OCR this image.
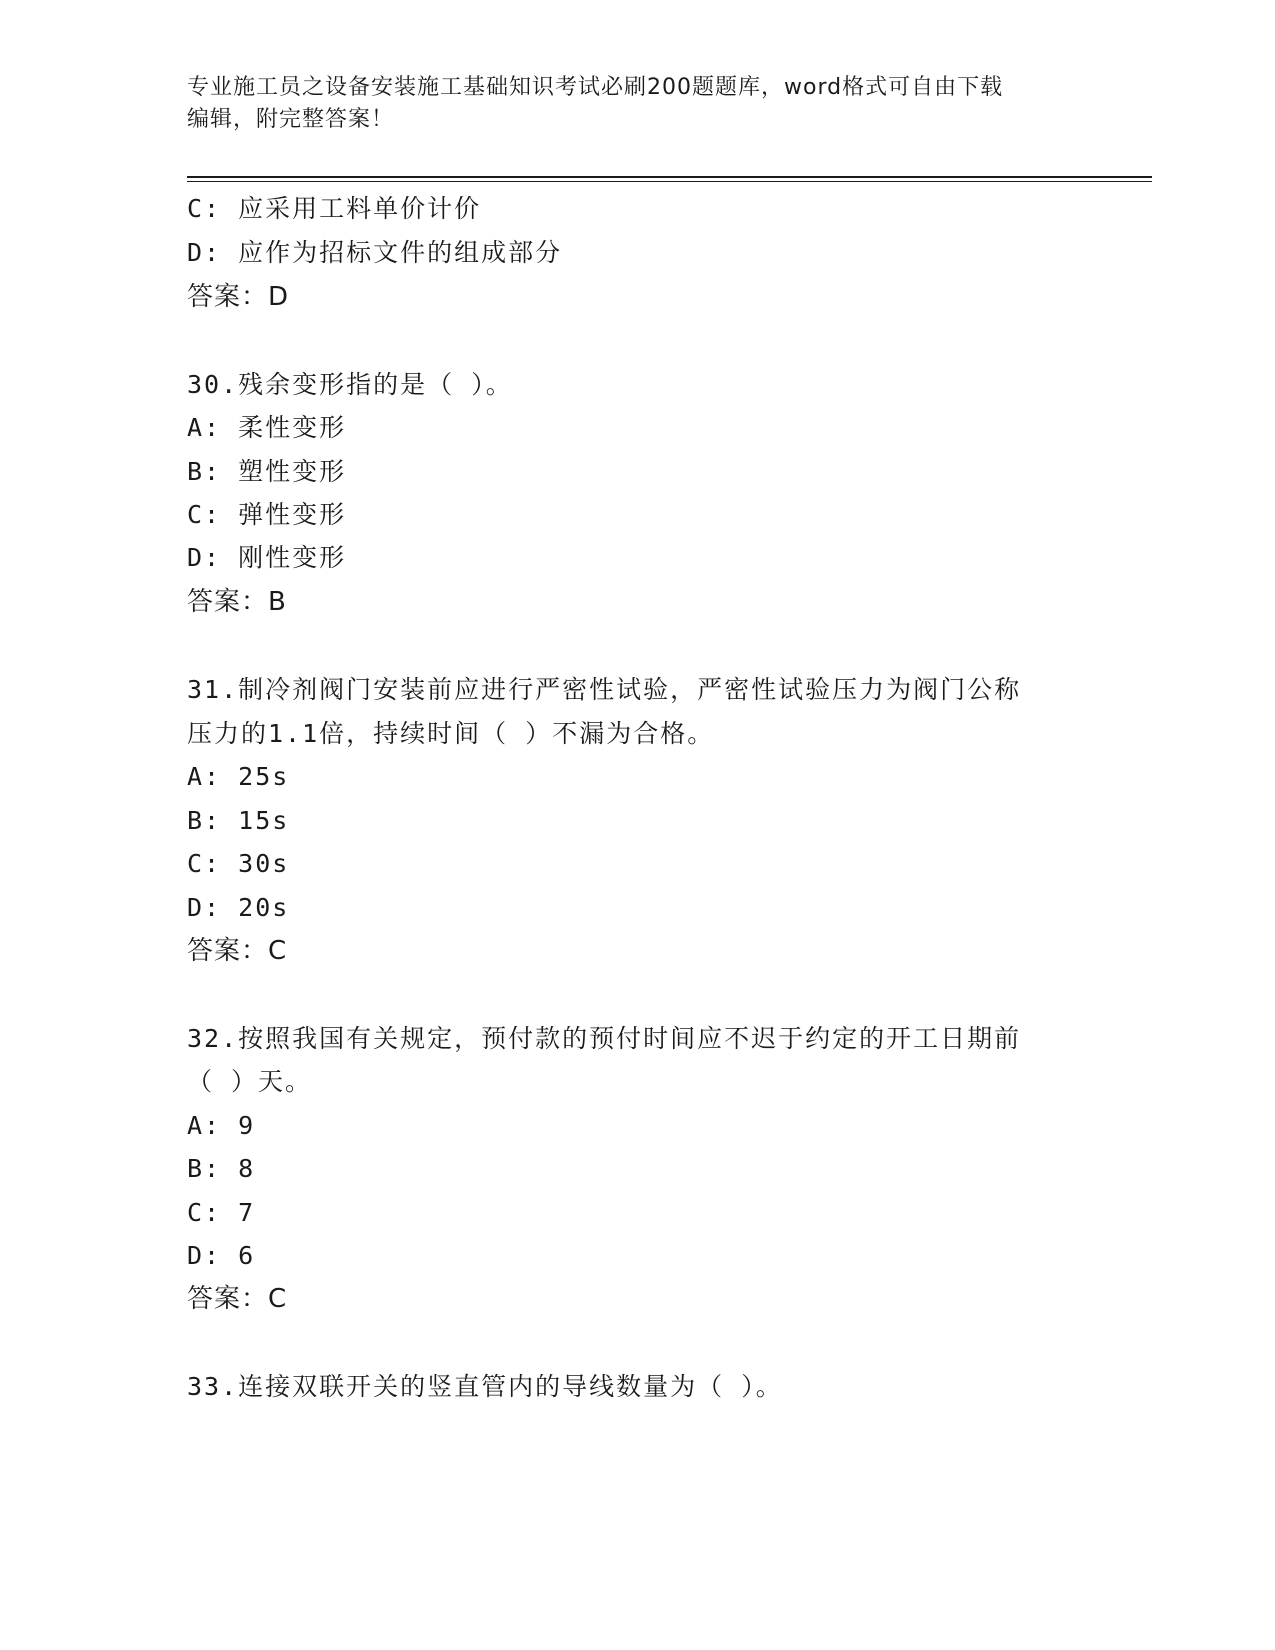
专业施工员之设备安装施工基础知识考试必刷200题题库，word格式可自由下载
编辑，附完整答案！
C: 应采用工料单价计价
D: 应作为招标文件的组成部分
答案：D
30.残余变形指的是（ ）。
A: 柔性变形
B: 塑性变形
C: 弹性变形
D: 刚性变形
答案：B
31.制冷剂阀门安装前应进行严密性试验，严密性试验压力为阀门公称
压力的1.1倍，持续时间（ ）不漏为合格。
A: 25s
B: 15s
C: 30s
D: 20s
答案：C
32.按照我国有关规定，预付款的预付时间应不迟于约定的开工日期前
（ ）天。
A: 9
B: 8
C: 7
D: 6
答案：C
33.连接双联开关的竖直管内的导线数量为（ ）。
